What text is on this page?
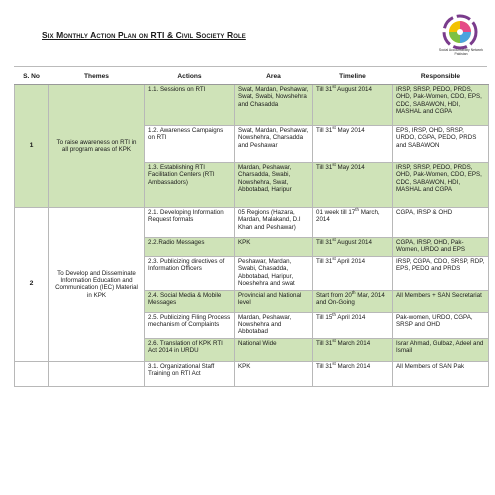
Six Monthly Action Plan on RTI & Civil Society Role
Social Accountability Network Pakistan
S. No	Themes	Actions	Area	Timeline	Responsible
1	To raise awareness on RTI in all program areas of KPK	1.1. Sessions on RTI	Swat, Mardan, Peshawar, Swat, Swabi, Nowshehra and Chasadda	Till 31st August 2014	IRSP, SRSP, PEDO, PRDS, OHD, Pak-Women, CDO, EPS, CDC, SABAWON, HDI, MASHAL and CGPA
		1.2. Awareness Campaigns on RTI	Swat, Mardan, Peshawar, Nowshehra, Charsadda and Peshawar	Till 31st May 2014	EPS, IRSP, OHD, SRSP, URDO, CGPA, PEDO, PRDS and SABAWON
		1.3. Establishing RTI Facilitation Centers (RTI Ambassadors)	Mardan, Peshawar, Charsadda, Swabi, Nowshehra, Swat, Abbotabad, Haripur	Till 31st May 2014	IRSP, SRSP, PEDO, PRDS, OHD, Pak-Women, CDO, EPS, CDC, SABAWON, HDI, MASHAL and CGPA
2	To Develop and Disseminate Information Education and Communication (IEC) Material in KPK	2.1. Developing Information Request formats	05 Regions (Hazara, Mardan, Malakand, D.I Khan and Peshawar)	01 week till 17th March, 2014	CGPA, IRSP & OHD
		2.2.Radio Messages	KPK	Till 31st August 2014	CGPA, IRSP, OHD, Pak-Women, URDO and EPS
		2.3. Publicizing directives of Information Officers	Peshawar, Mardan, Swabi, Chasadda, Abbotabad, Haripur, Noeshehra and swat	Till 31st April 2014	IRSP, CGPA, CDO, SRSP, RDP, EPS, PEDO and PRDS
		2.4. Social Media & Mobile Messages	Provincial and National level	Start from 20th Mar, 2014 and On-Going	All Members + SAN Secretariat
		2.5. Publicizing Filing Process mechanism of Complaints	Mardan, Peshawar, Nowshehra and Abbotabad	Till 15th April 2014	Pak-women, URDO, CGPA, SRSP and OHD
		2.6. Translation of KPK RTI Act 2014 in URDU	National Wide	Till 31st March 2014	Israr Ahmad, Gulbaz, Adeel and Ismail
		3.1. Organizational Staff Training on RTI Act	KPK	Till 31st March 2014	All Members of SAN Pak
